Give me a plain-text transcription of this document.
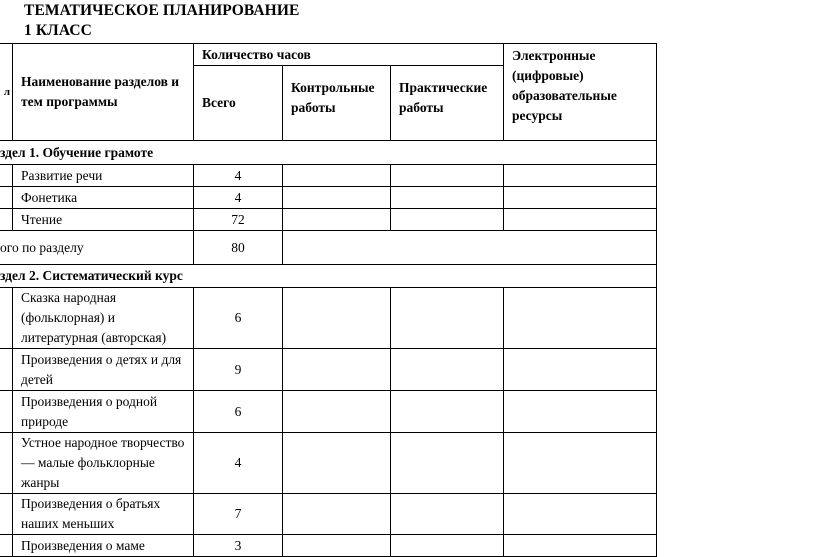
ТЕМАТИЧЕСКОЕ ПЛАНИРОВАНИЕ
1 КЛАСС
л	Наименование разделов и тем программы	Количество часов			Электронные (цифровые) образовательные ресурсы
		Всего	Контрольные работы	Практические работы	
здел 1. Обучение грамоте					
	Развитие речи	4			
	Фонетика	4			
	Чтение	72			
ого по разделу		80			
здел 2. Систематический курс					
	Сказка народная (фольклорная) и литературная (авторская)	6			
	Произведения о детях и для детей	9			
	Произведения о родной природе	6			
	Устное народное творчество — малые фольклорные жанры	4			
	Произведения о братьях наших меньших	7			
	Произведения о маме	3			
